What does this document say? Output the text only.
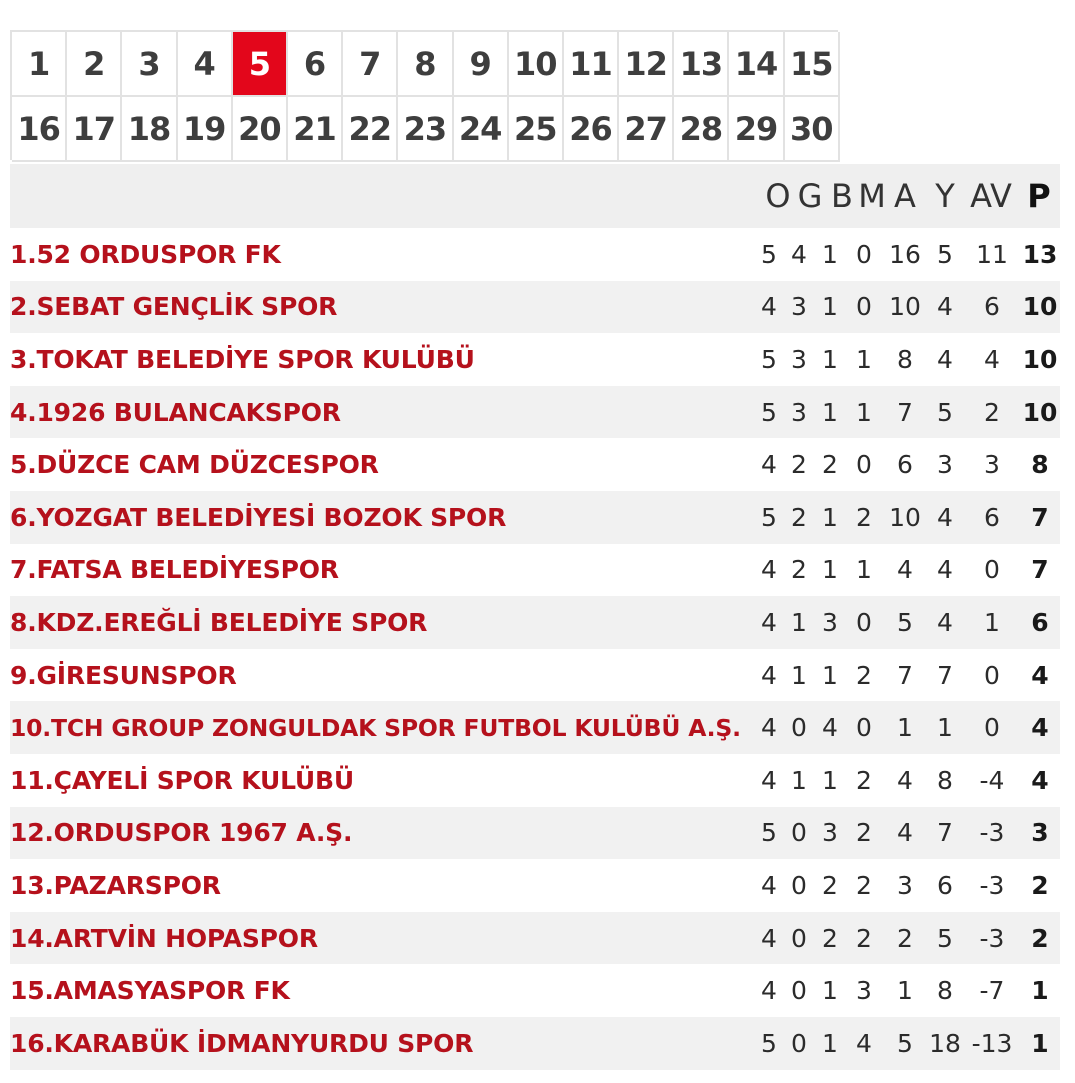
1	2	3	4	5	6	7	8	9 10 11 12 13 14 15
16 17 18 19 20 21 22 23 24 25 26 27 28 29 30
O G B M A Y AV P
1.52 ORDUSPOR FK	5 4 1 0 16 5 11 13
2.SEBAT GENÇLİK SPOR	4 3 1 0 10 4 6 10
3.TOKAT BELEDİYE SPOR KULÜBÜ	5 3 1 1 8 4 4 10
4.1926 BULANCAKSPOR	5 3 1 1 7 5 2 10
5.DÜZCE CAM DÜZCESPOR	4 2 2 0 6 3 3 8
6.YOZGAT BELEDİYESİ BOZOK SPOR	5 2 1 2 10 4 6 7
7.FATSA BELEDİYESPOR	4 2 1 1 4 4 0 7
8.KDZ.EREĞLİ BELEDİYE SPOR	4 1 3 0 5 4 1 6
9.GİRESUNSPOR	4 1 1 2 7 7 0 4
10.TCH GROUP ZONGULDAK SPOR FUTBOL KULÜBÜ A.Ş. 4 0 4 0 1 1 0 4
11.ÇAYELİ SPOR KULÜBÜ	4 1 1 2 4 8 -4 4
12.ORDUSPOR 1967 A.Ş.	5 0 3 2 4 7 -3 3
13.PAZARSPOR	4 0 2 2 3 6 -3 2
14.ARTVİN HOPASPOR	4 0 2 2 2 5 -3 2
15.AMASYASPOR FK	4 0 1 3 1 8 -7 1
16.KARABÜK İDMANYURDU SPOR	5 0 1 4 5 18 -13 1
